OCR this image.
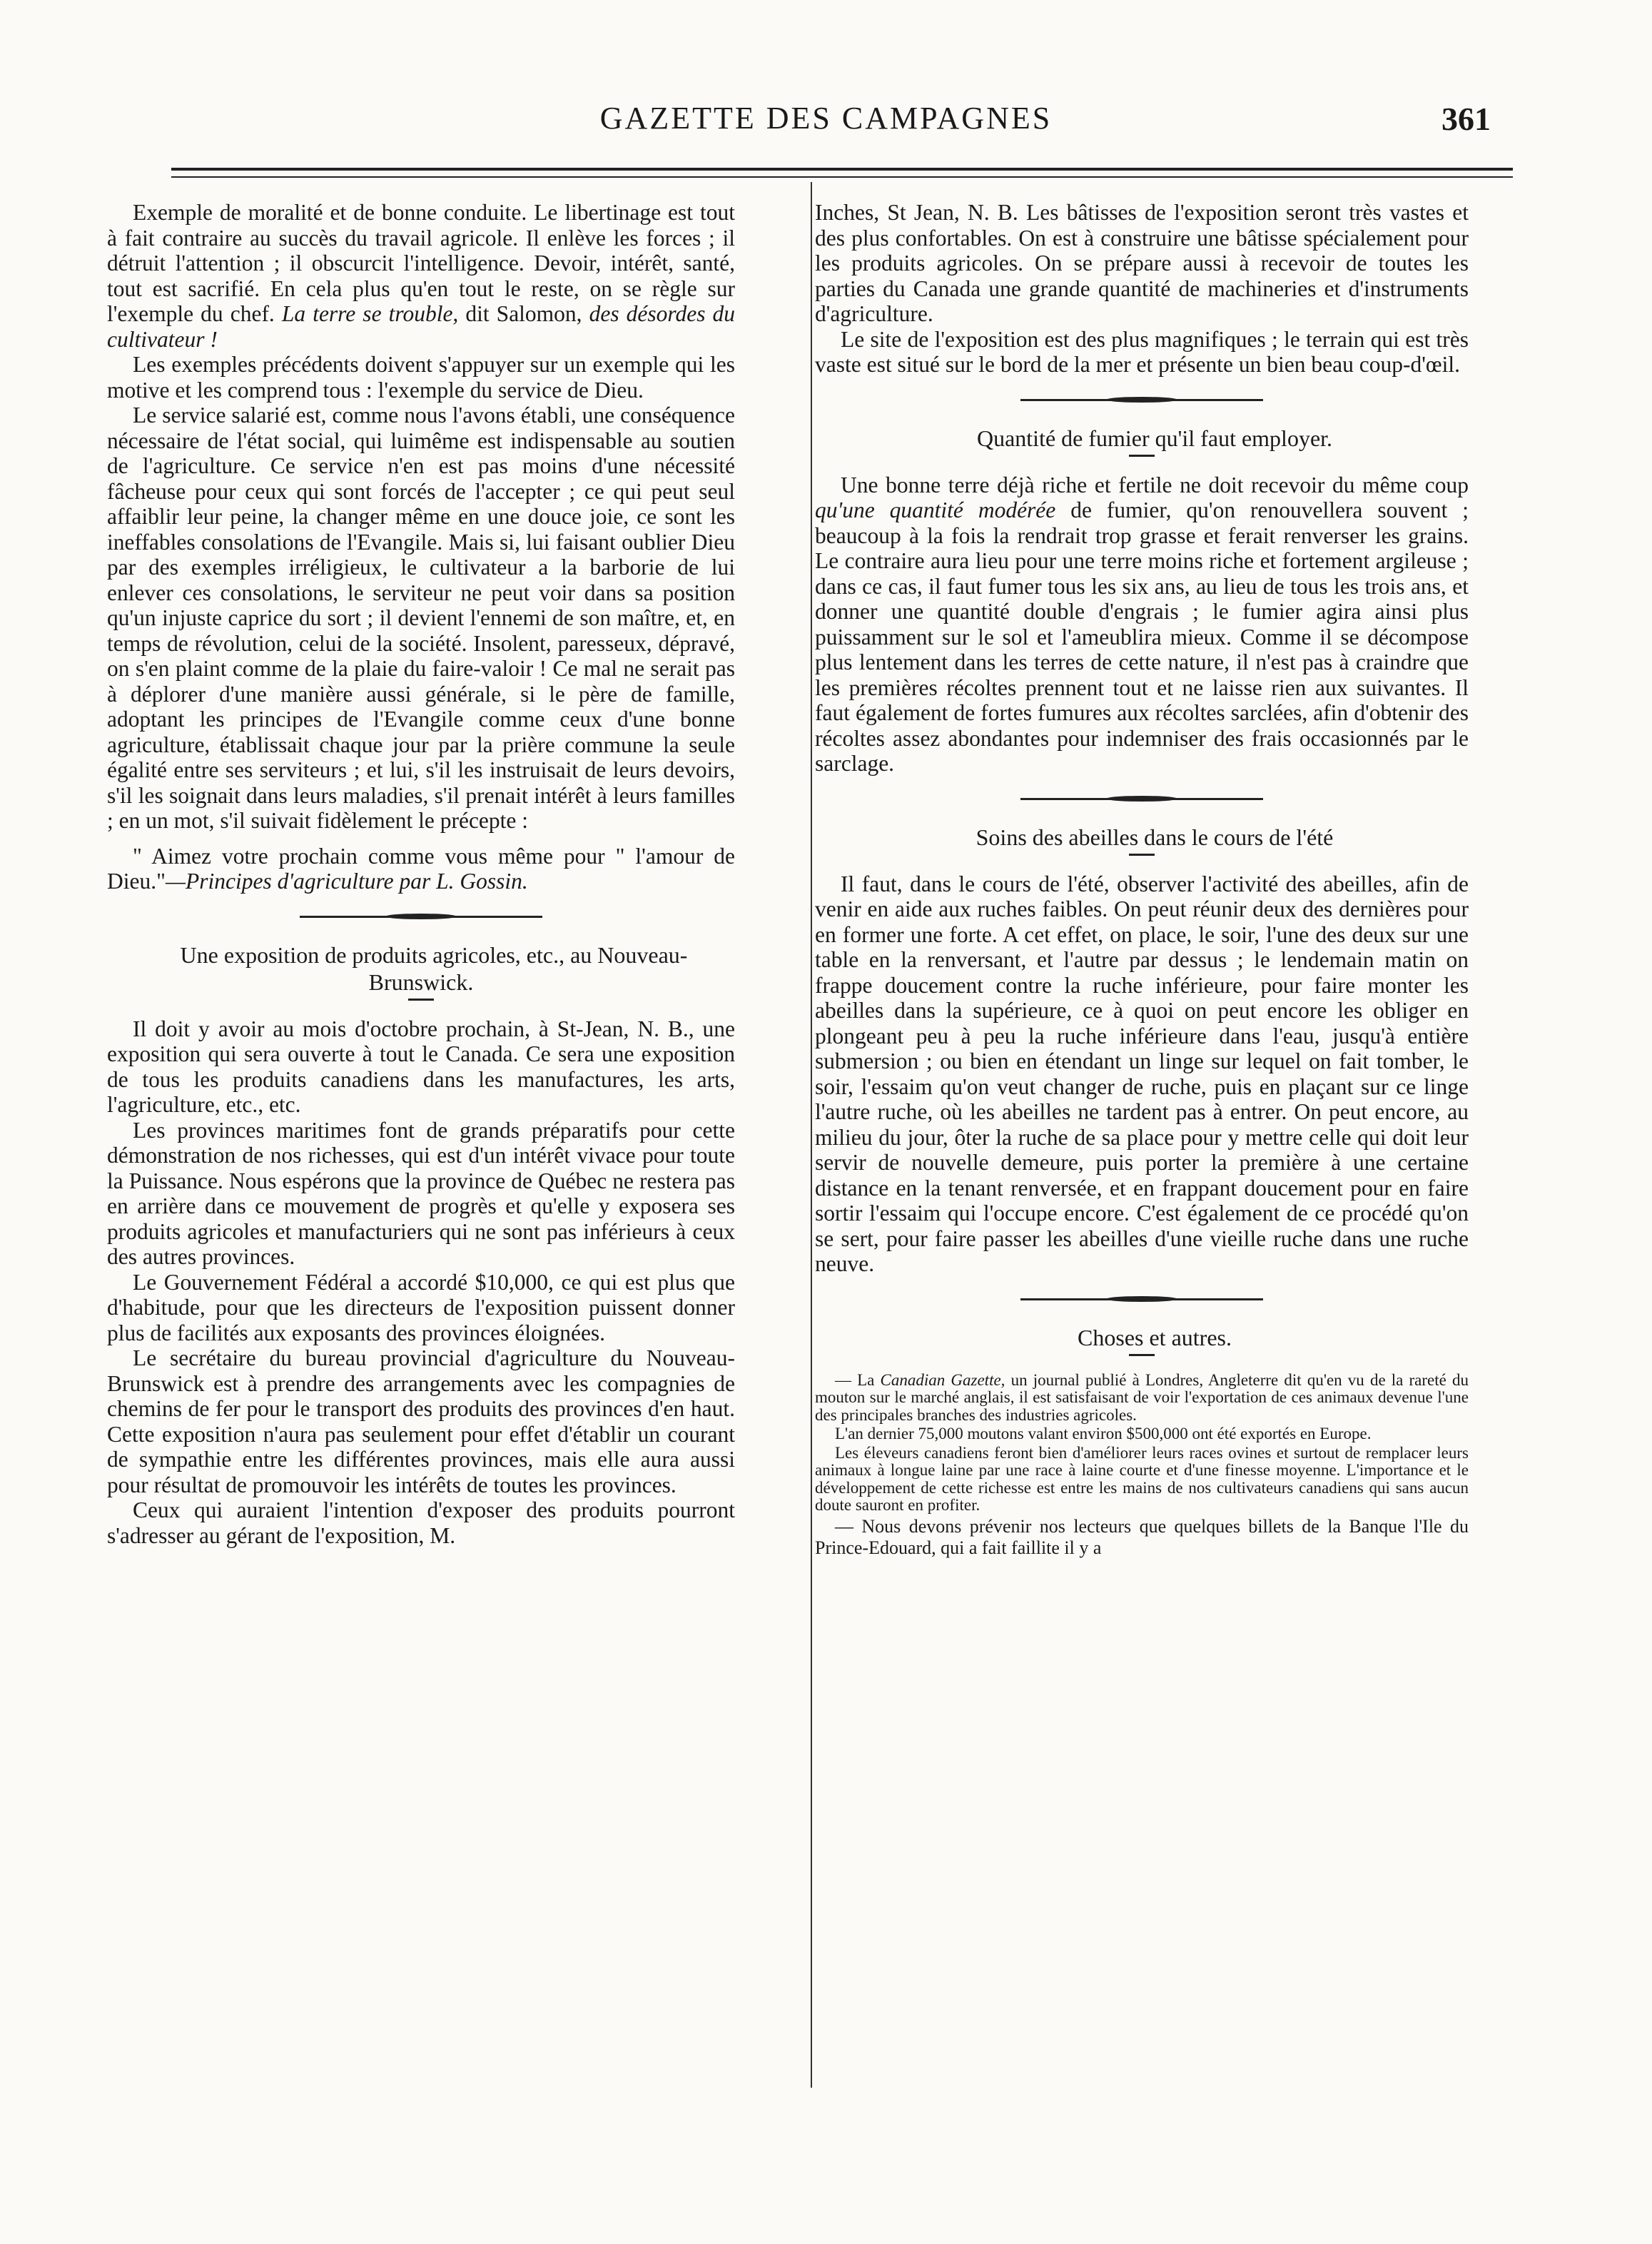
GAZETTE DES CAMPAGNES	361

Exemple de moralité et de bonne conduite. Le libertinage est tout à fait contraire au succès du travail agricole. Il enlève les forces ; il détruit l'attention ; il obscurcit l'intelligence. Devoir, intérêt, santé, tout est sacrifié. En cela plus qu'en tout le reste, on se règle sur l'exemple du chef. La terre se trouble, dit Salomon, des désordes du cultivateur !

Les exemples précédents doivent s'appuyer sur un exemple qui les motive et les comprend tous : l'exemple du service de Dieu.

Le service salarié est, comme nous l'avons établi, une conséquence nécessaire de l'état social, qui luimême est indispensable au soutien de l'agriculture. Ce service n'en est pas moins d'une nécessité fâcheuse pour ceux qui sont forcés de l'accepter ; ce qui peut seul affaiblir leur peine, la changer même en une douce joie, ce sont les ineffables consolations de l'Evangile. Mais si, lui faisant oublier Dieu par des exemples irréligieux, le cultivateur a la barborie de lui enlever ces consolations, le serviteur ne peut voir dans sa position qu'un injuste caprice du sort ; il devient l'ennemi de son maître, et, en temps de révolution, celui de la société. Insolent, paresseux, dépravé, on s'en plaint comme de la plaie du faire-valoir ! Ce mal ne serait pas à déplorer d'une manière aussi générale, si le père de famille, adoptant les principes de l'Evangile comme ceux d'une bonne agriculture, établissait chaque jour par la prière commune la seule égalité entre ses serviteurs ; et lui, s'il les instruisait de leurs devoirs, s'il les soignait dans leurs maladies, s'il prenait intérêt à leurs familles ; en un mot, s'il suivait fidèlement le précepte :

" Aimez votre prochain comme vous même pour " l'amour de Dieu."—Principes d'agriculture par L. Gossin.

Une exposition de produits agricoles, etc., au Nouveau-Brunswick.

Il doit y avoir au mois d'octobre prochain, à St-Jean, N. B., une exposition qui sera ouverte à tout le Canada. Ce sera une exposition de tous les produits canadiens dans les manufactures, les arts, l'agriculture, etc., etc.

Les provinces maritimes font de grands préparatifs pour cette démonstration de nos richesses, qui est d'un intérêt vivace pour toute la Puissance. Nous espérons que la province de Québec ne restera pas en arrière dans ce mouvement de progrès et qu'elle y exposera ses produits agricoles et manufacturiers qui ne sont pas inférieurs à ceux des autres provinces.

Le Gouvernement Fédéral a accordé $10,000, ce qui est plus que d'habitude, pour que les directeurs de l'exposition puissent donner plus de facilités aux exposants des provinces éloignées.

Le secrétaire du bureau provincial d'agriculture du Nouveau-Brunswick est à prendre des arrangements avec les compagnies de chemins de fer pour le transport des produits des provinces d'en haut. Cette exposition n'aura pas seulement pour effet d'établir un courant de sympathie entre les différentes provinces, mais elle aura aussi pour résultat de promouvoir les intérêts de toutes les provinces.

Ceux qui auraient l'intention d'exposer des produits pourront s'adresser au gérant de l'exposition, M.

Inches, St Jean, N. B. Les bâtisses de l'exposition seront très vastes et des plus confortables. On est à construire une bâtisse spécialement pour les produits agricoles. On se prépare aussi à recevoir de toutes les parties du Canada une grande quantité de machineries et d'instruments d'agriculture.

Le site de l'exposition est des plus magnifiques ; le terrain qui est très vaste est situé sur le bord de la mer et présente un bien beau coup-d'œil.

Quantité de fumier qu'il faut employer.

Une bonne terre déjà riche et fertile ne doit recevoir du même coup qu'une quantité modérée de fumier, qu'on renouvellera souvent ; beaucoup à la fois la rendrait trop grasse et ferait renverser les grains. Le contraire aura lieu pour une terre moins riche et fortement argileuse ; dans ce cas, il faut fumer tous les six ans, au lieu de tous les trois ans, et donner une quantité double d'engrais ; le fumier agira ainsi plus puissamment sur le sol et l'ameublira mieux. Comme il se décompose plus lentement dans les terres de cette nature, il n'est pas à craindre que les premières récoltes prennent tout et ne laisse rien aux suivantes. Il faut également de fortes fumures aux récoltes sarclées, afin d'obtenir des récoltes assez abondantes pour indemniser des frais occasionnés par le sarclage.

Soins des abeilles dans le cours de l'été

Il faut, dans le cours de l'été, observer l'activité des abeilles, afin de venir en aide aux ruches faibles. On peut réunir deux des dernières pour en former une forte. A cet effet, on place, le soir, l'une des deux sur une table en la renversant, et l'autre par dessus ; le lendemain matin on frappe doucement contre la ruche inférieure, pour faire monter les abeilles dans la supérieure, ce à quoi on peut encore les obliger en plongeant peu à peu la ruche inférieure dans l'eau, jusqu'à entière submersion ; ou bien en étendant un linge sur lequel on fait tomber, le soir, l'essaim qu'on veut changer de ruche, puis en plaçant sur ce linge l'autre ruche, où les abeilles ne tardent pas à entrer. On peut encore, au milieu du jour, ôter la ruche de sa place pour y mettre celle qui doit leur servir de nouvelle demeure, puis porter la première à une certaine distance en la tenant renversée, et en frappant doucement pour en faire sortir l'essaim qui l'occupe encore. C'est également de ce procédé qu'on se sert, pour faire passer les abeilles d'une vieille ruche dans une ruche neuve.

Choses et autres.

— La Canadian Gazette, un journal publié à Londres, Angleterre dit qu'en vu de la rareté du mouton sur le marché anglais, il est satisfaisant de voir l'exportation de ces animaux devenue l'une des principales branches des industries agricoles.

L'an dernier 75,000 moutons valant environ $500,000 ont été exportés en Europe.

Les éleveurs canadiens feront bien d'améliorer leurs races ovines et surtout de remplacer leurs animaux à longue laine par une race à laine courte et d'une finesse moyenne. L'importance et le développement de cette richesse est entre les mains de nos cultivateurs canadiens qui sans aucun doute sauront en profiter.

— Nous devons prévenir nos lecteurs que quelques billets de la Banque l'Ile du Prince-Edouard, qui a fait faillite il y a
